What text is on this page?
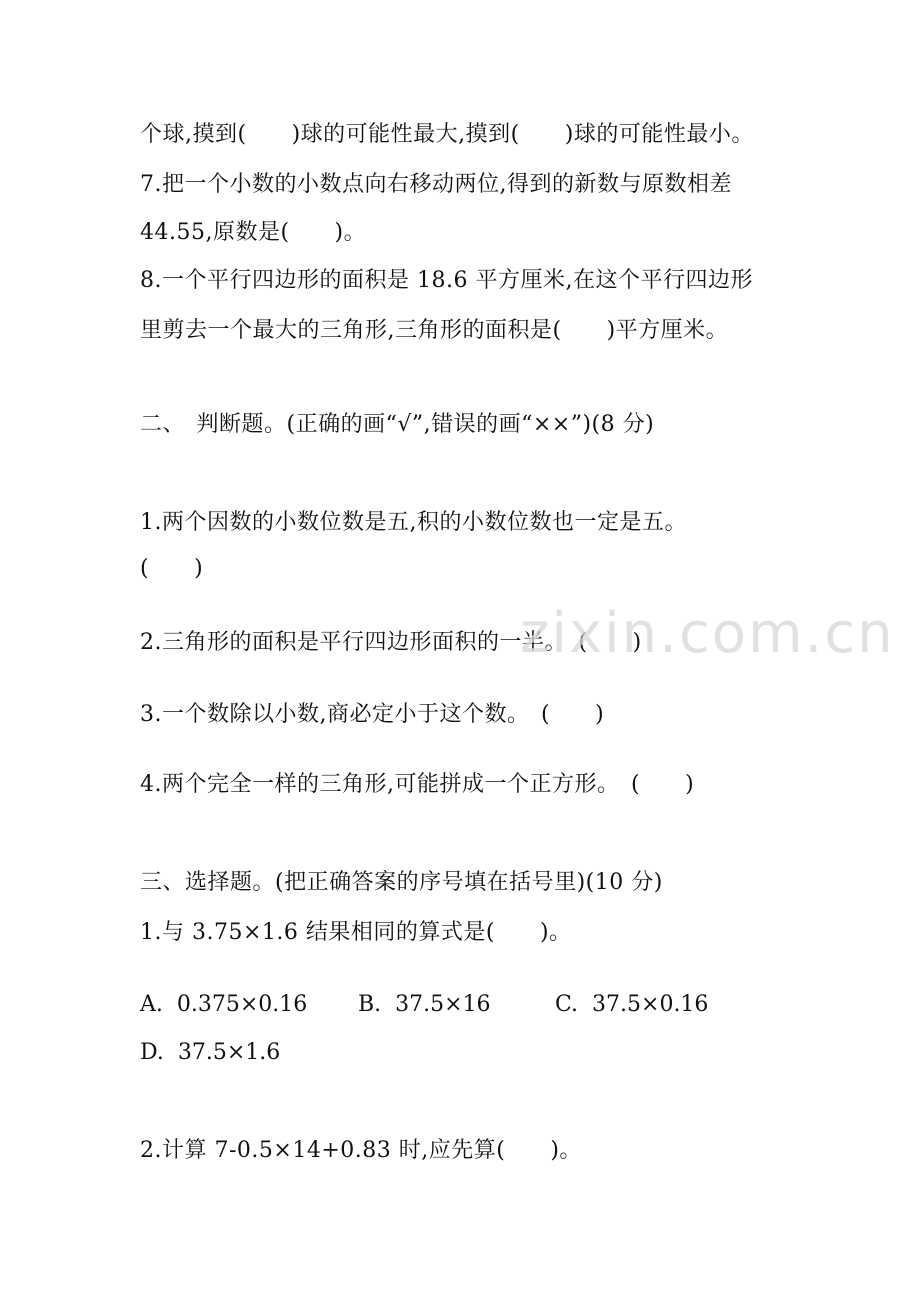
个球,摸到(　　)球的可能性最大,摸到(　　)球的可能性最小。
7.把一个小数的小数点向右移动两位,得到的新数与原数相差
44.55,原数是(　　)。
8.一个平行四边形的面积是 18.6 平方厘米,在这个平行四边形
里剪去一个最大的三角形,三角形的面积是(　　)平方厘米。
二、　判断题。(正确的画“√”,错误的画“××”)(8 分)
1.两个因数的小数位数是五,积的小数位数也一定是五。
(　　)
2.三角形的面积是平行四边形面积的一半。　(　　)
3.一个数除以小数,商必定小于这个数。　(　　)
4.两个完全一样的三角形,可能拼成一个正方形。　(　　)
三、选择题。(把正确答案的序号填在括号里)(10 分)
1.与 3.75×1.6 结果相同的算式是(　　)。
A.  0.375×0.16 B.  37.5×16	C.  37.5×0.16
D.  37.5×1.6
2.计算 7-0.5×14+0.83 时,应先算(　　)。
zixin.com.cn
